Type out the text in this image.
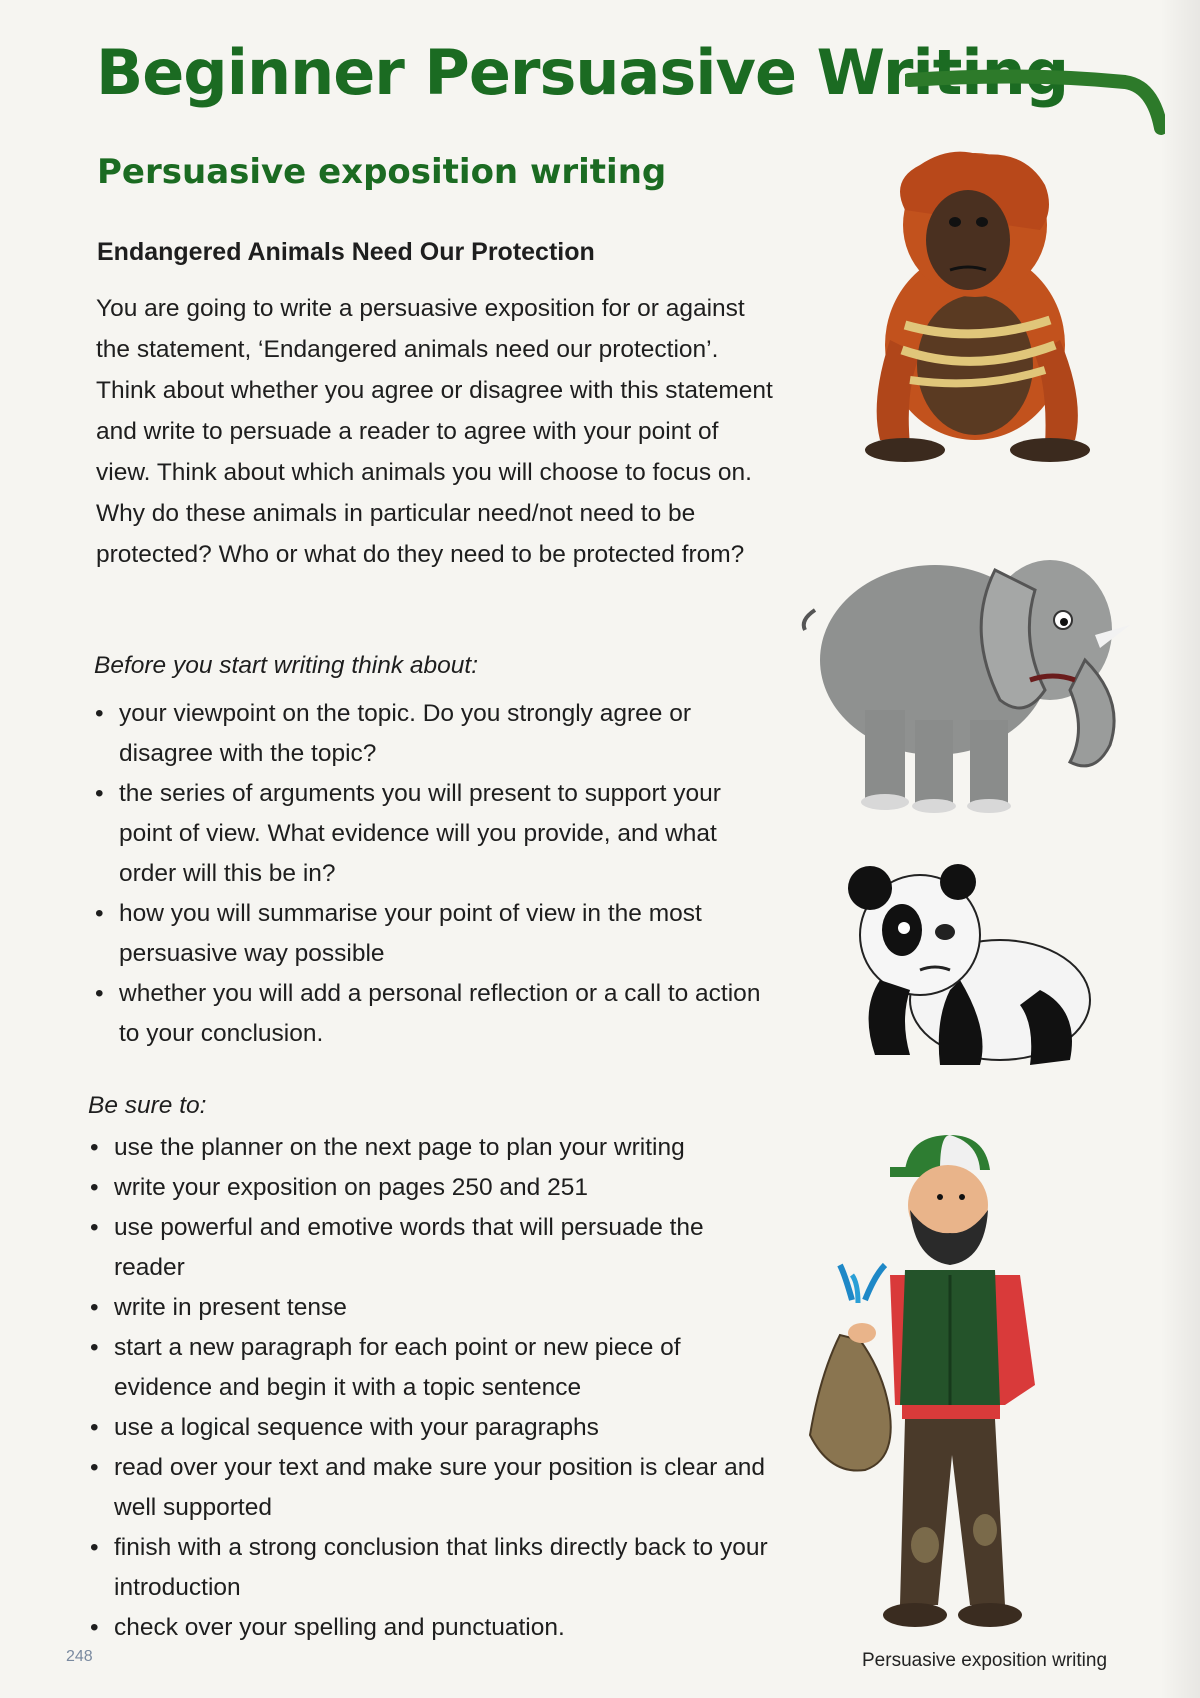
Beginner Persuasive Writing
Persuasive exposition writing
Endangered Animals Need Our Protection

You are going to write a persuasive exposition for or against the statement, ‘Endangered animals need our protection’. Think about whether you agree or disagree with this statement and write to persuade a reader to agree with your point of view. Think about which animals you will choose to focus on. Why do these animals in particular need/not need to be protected? Who or what do they need to be protected from?

Before you start writing think about:

• your viewpoint on the topic. Do you strongly agree or disagree with the topic?
• the series of arguments you will present to support your point of view. What evidence will you provide, and what order will this be in?
• how you will summarise your point of view in the most persuasive way possible
• whether you will add a personal reflection or a call to action to your conclusion.

Be sure to:

• use the planner on the next page to plan your writing
• write your exposition on pages 250 and 251
• use powerful and emotive words that will persuade the reader
• write in present tense
• start a new paragraph for each point or new piece of evidence and begin it with a topic sentence
• use a logical sequence with your paragraphs
• read over your text and make sure your position is clear and well supported
• finish with a strong conclusion that links directly back to your introduction
• check over your spelling and punctuation.

248	Persuasive exposition writing
